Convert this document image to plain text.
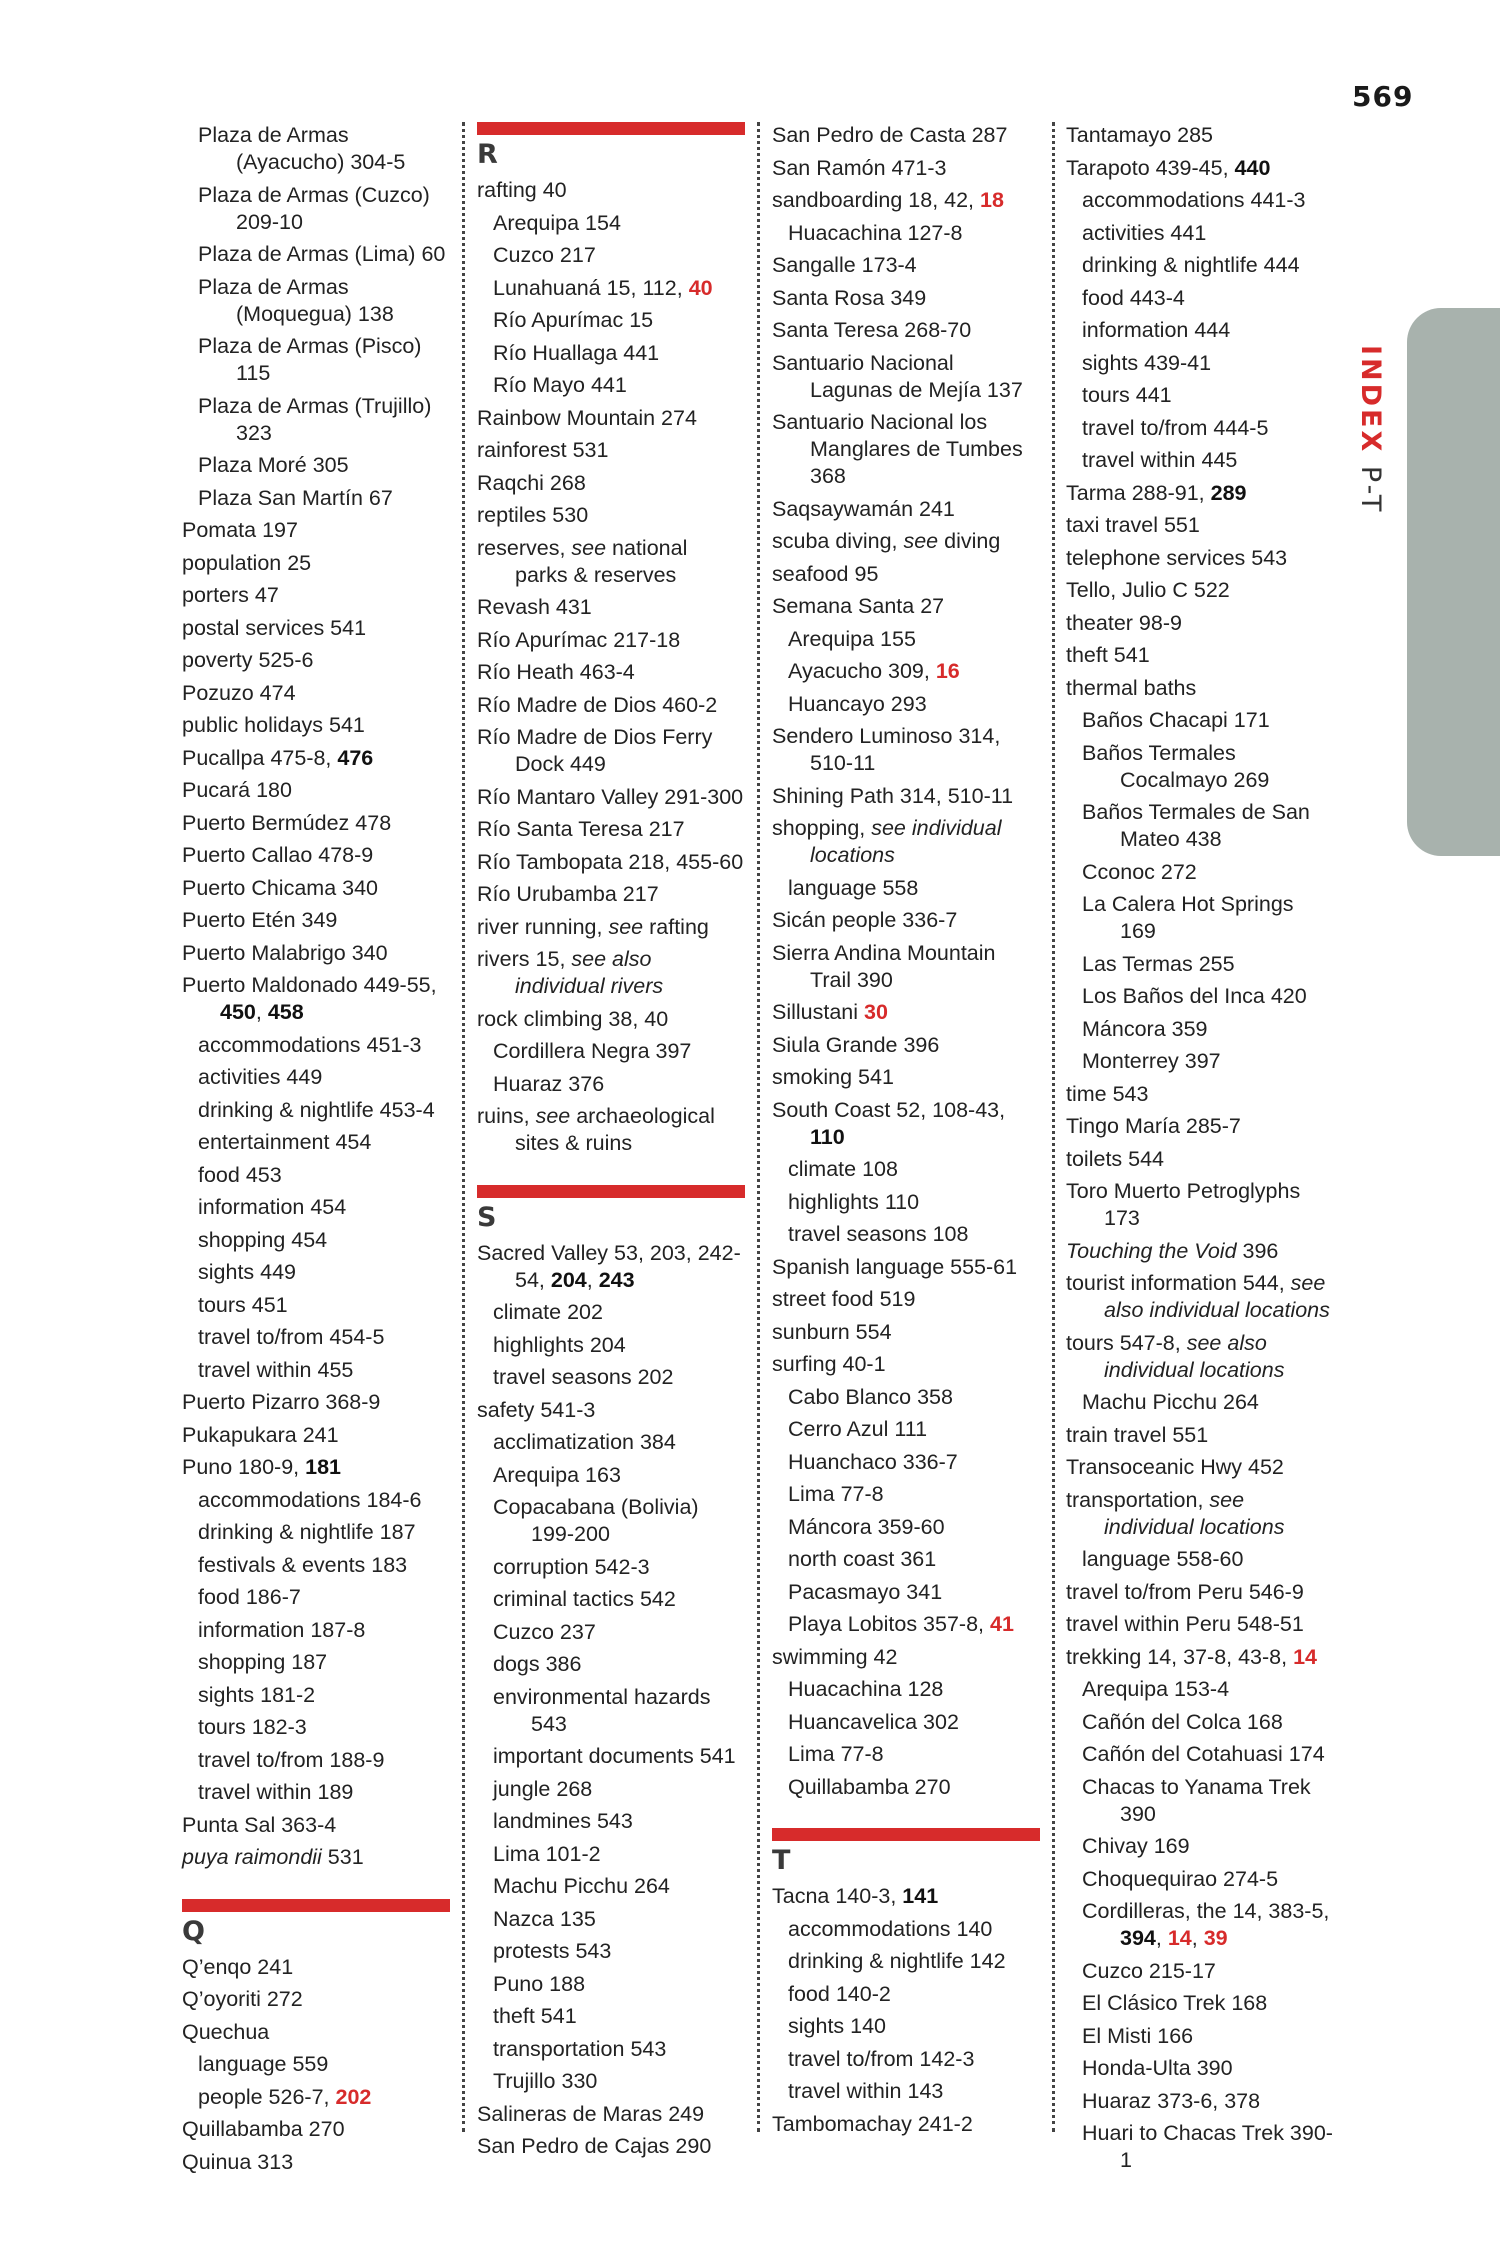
569
INDEX P-T
Plaza de Armas (Ayacucho) 304-5
Plaza de Armas (Cuzco) 209-10
Plaza de Armas (Lima) 60
Plaza de Armas (Moquegua) 138
Plaza de Armas (Pisco) 115
Plaza de Armas (Trujillo) 323
Plaza Moré 305
Plaza San Martín 67
Pomata 197
population 25
porters 47
postal services 541
poverty 525-6
Pozuzo 474
public holidays 541
Pucallpa 475-8, 476
Pucará 180
Puerto Bermúdez 478
Puerto Callao 478-9
Puerto Chicama 340
Puerto Etén 349
Puerto Malabrigo 340
Puerto Maldonado 449-55, 450, 458
accommodations 451-3
activities 449
drinking & nightlife 453-4
entertainment 454
food 453
information 454
shopping 454
sights 449
tours 451
travel to/from 454-5
travel within 455
Puerto Pizarro 368-9
Pukapukara 241
Puno 180-9, 181
accommodations 184-6
drinking & nightlife 187
festivals & events 183
food 186-7
information 187-8
shopping 187
sights 181-2
tours 182-3
travel to/from 188-9
travel within 189
Punta Sal 363-4
puya raimondii 531
Q
Q’enqo 241
Q’oyoriti 272
Quechua
language 559
people 526-7, 202
Quillabamba 270
Quinua 313
R
rafting 40
Arequipa 154
Cuzco 217
Lunahuaná 15, 112, 40
Río Apurímac 15
Río Huallaga 441
Río Mayo 441
Rainbow Mountain 274
rainforest 531
Raqchi 268
reptiles 530
reserves, see national parks & reserves
Revash 431
Río Apurímac 217-18
Río Heath 463-4
Río Madre de Dios 460-2
Río Madre de Dios Ferry Dock 449
Río Mantaro Valley 291-300
Río Santa Teresa 217
Río Tambopata 218, 455-60
Río Urubamba 217
river running, see rafting
rivers 15, see also individual rivers
rock climbing 38, 40
Cordillera Negra 397
Huaraz 376
ruins, see archaeological sites & ruins
S
Sacred Valley 53, 203, 242-54, 204, 243
climate 202
highlights 204
travel seasons 202
safety 541-3
acclimatization 384
Arequipa 163
Copacabana (Bolivia) 199-200
corruption 542-3
criminal tactics 542
Cuzco 237
dogs 386
environmental hazards 543
important documents 541
jungle 268
landmines 543
Lima 101-2
Machu Picchu 264
Nazca 135
protests 543
Puno 188
theft 541
transportation 543
Trujillo 330
Salineras de Maras 249
San Pedro de Cajas 290
San Pedro de Casta 287
San Ramón 471-3
sandboarding 18, 42, 18
Huacachina 127-8
Sangalle 173-4
Santa Rosa 349
Santa Teresa 268-70
Santuario Nacional Lagunas de Mejía 137
Santuario Nacional los Manglares de Tumbes 368
Saqsaywamán 241
scuba diving, see diving
seafood 95
Semana Santa 27
Arequipa 155
Ayacucho 309, 16
Huancayo 293
Sendero Luminoso 314, 510-11
Shining Path 314, 510-11
shopping, see individual locations
language 558
Sicán people 336-7
Sierra Andina Mountain Trail 390
Sillustani 30
Siula Grande 396
smoking 541
South Coast 52, 108-43, 110
climate 108
highlights 110
travel seasons 108
Spanish language 555-61
street food 519
sunburn 554
surfing 40-1
Cabo Blanco 358
Cerro Azul 111
Huanchaco 336-7
Lima 77-8
Máncora 359-60
north coast 361
Pacasmayo 341
Playa Lobitos 357-8, 41
swimming 42
Huacachina 128
Huancavelica 302
Lima 77-8
Quillabamba 270
T
Tacna 140-3, 141
accommodations 140
drinking & nightlife 142
food 140-2
sights 140
travel to/from 142-3
travel within 143
Tambomachay 241-2
Tantamayo 285
Tarapoto 439-45, 440
accommodations 441-3
activities 441
drinking & nightlife 444
food 443-4
information 444
sights 439-41
tours 441
travel to/from 444-5
travel within 445
Tarma 288-91, 289
taxi travel 551
telephone services 543
Tello, Julio C 522
theater 98-9
theft 541
thermal baths
Baños Chacapi 171
Baños Termales Cocalmayo 269
Baños Termales de San Mateo 438
Cconoc 272
La Calera Hot Springs 169
Las Termas 255
Los Baños del Inca 420
Máncora 359
Monterrey 397
time 543
Tingo María 285-7
toilets 544
Toro Muerto Petroglyphs 173
Touching the Void 396
tourist information 544, see also individual locations
tours 547-8, see also individual locations
Machu Picchu 264
train travel 551
Transoceanic Hwy 452
transportation, see individual locations
language 558-60
travel to/from Peru 546-9
travel within Peru 548-51
trekking 14, 37-8, 43-8, 14
Arequipa 153-4
Cañón del Colca 168
Cañón del Cotahuasi 174
Chacas to Yanama Trek 390
Chivay 169
Choquequirao 274-5
Cordilleras, the 14, 383-5, 394, 14, 39
Cuzco 215-17
El Clásico Trek 168
El Misti 166
Honda-Ulta 390
Huaraz 373-6, 378
Huari to Chacas Trek 390-1
